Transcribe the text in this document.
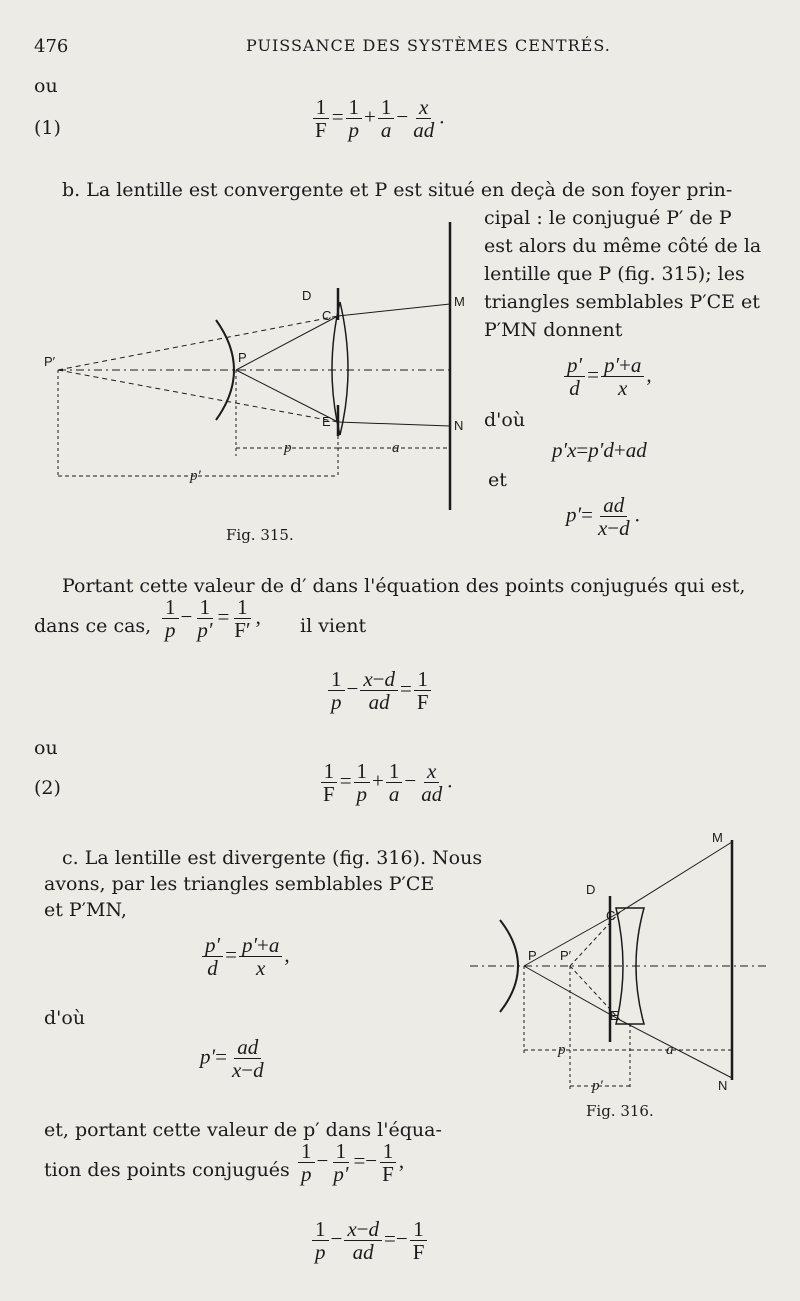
476	PUISSANCE DES SYSTÈMES CENTRÉS.
ou
(1)	$\frac{1}{F} = \frac{1}{p} + \frac{1}{a} - \frac{x}{ad}$ .
b. La lentille est convergente et P est situé en deçà de son foyer prin-
cipal : le conjugué P′ de P
est alors du même côté de la
lentille que P (fig. 315); les
triangles semblables P′CE et
P′MN donnent
$\frac{p'}{d} = \frac{p'+a}{x}$ ,
d'où
p′x=p′d+ad
et
$p'= \frac{ad}{x-d}$ .
P′	P
D
C
E
M
N
p	a
p′
Fig. 315.
Portant cette valeur de d′ dans l'équation des points conjugués qui est,
dans ce cas, $\frac{1}{p} - \frac{1}{p'} = \frac{1}{F'}$ , il vient
$\frac{1}{p} - \frac{x-d}{ad} = \frac{1}{F}$
ou
(2)	$\frac{1}{F} = \frac{1}{p} + \frac{1}{a} - \frac{x}{ad}$ .
c. La lentille est divergente (fig. 316). Nous
avons, par les triangles semblables P′CE
et P′MN,
$\frac{p'}{d} = \frac{p'+a}{x}$ ,
d'où
$p'= \frac{ad}{x-d}$
et, portant cette valeur de p′ dans l'équa-
tion des points conjugués $\frac{1}{p} - \frac{1}{p'} =- \frac{1}{F}$ ,
$\frac{1}{p} - \frac{x-d}{ad} =- \frac{1}{F}$
M
D
C
P P′
E
N
p	a
p′
Fig. 316.
